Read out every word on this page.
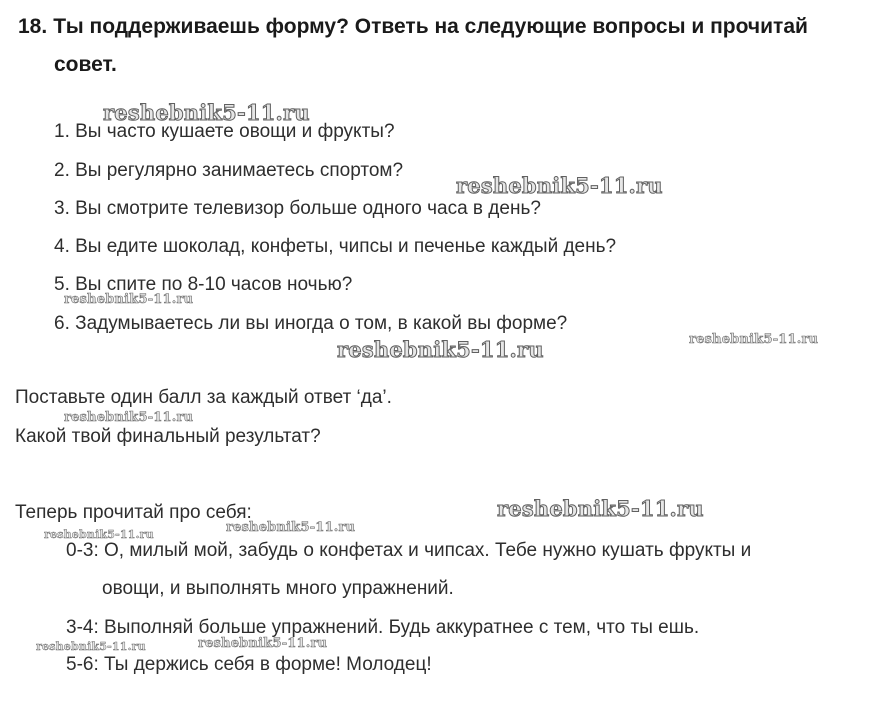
18. Ты поддерживаешь форму? Ответь на следующие вопросы и прочитай
совет.
1. Вы часто кушаете овощи и фрукты?
2. Вы регулярно занимаетесь спортом?
3. Вы смотрите телевизор больше одного часа в день?
4. Вы едите шоколад, конфеты, чипсы и печенье каждый день?
5. Вы спите по 8-10 часов ночью?
6. Задумываетесь ли вы иногда о том, в какой вы форме?
Поставьте один балл за каждый ответ ‘да’.
Какой твой финальный результат?
Теперь прочитай про себя:
0-3: О, милый мой, забудь о конфетах и чипсах. Тебе нужно кушать фрукты и
овощи, и выполнять много упражнений.
3-4: Выполняй больше упражнений. Будь аккуратнее с тем, что ты ешь.
5-6: Ты держись себя в форме! Молодец!
reshebnik5-11.ru
reshebnik5-11.ru
reshebnik5-11.ru
reshebnik5-11.ru	reshebnik5-11.ru
reshebnik5-11.ru
reshebnik5-11.ru
reshebnik5-11.ru
reshebnik5-11.ru
reshebnik5-11.ru
reshebnik5-11.ru
